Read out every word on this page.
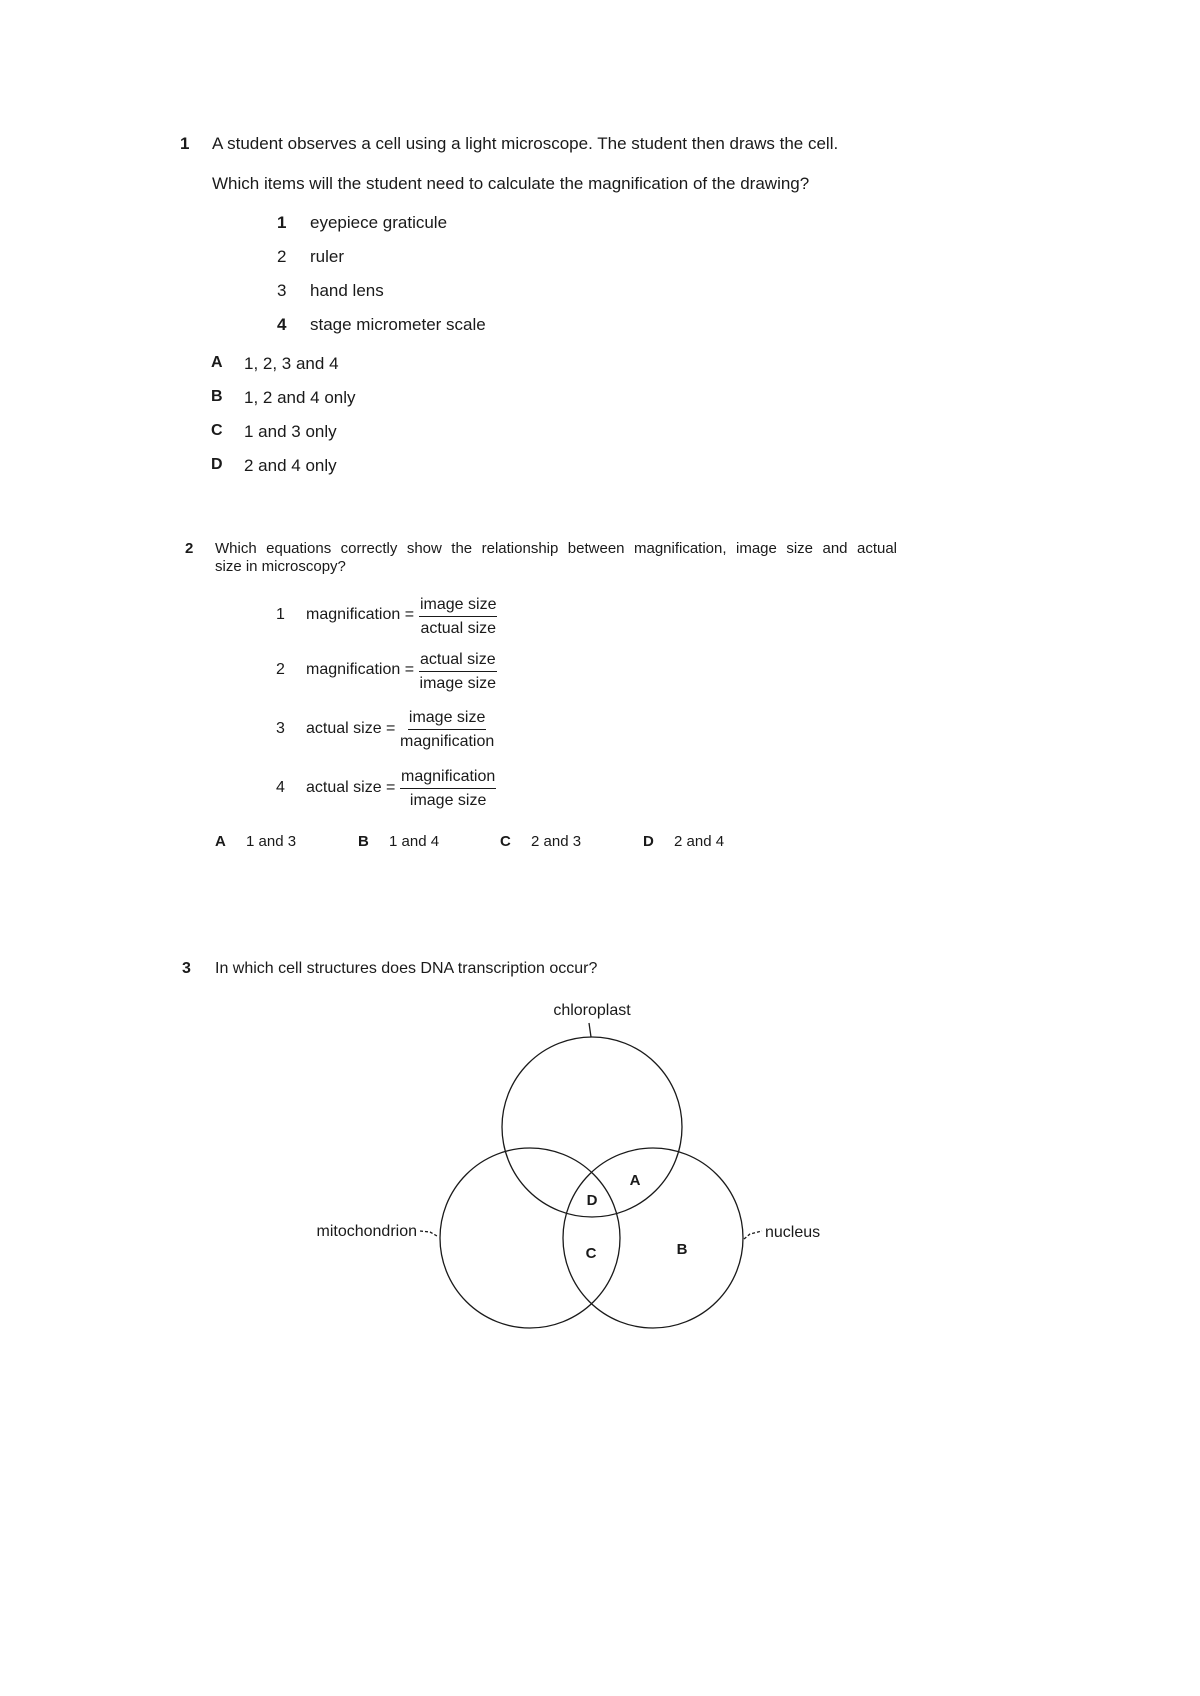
1 A student observes a cell using a light microscope. The student then draws the cell.
Which items will the student need to calculate the magnification of the drawing?
1 eyepiece graticule
2 ruler
3 hand lens
4 stage micrometer scale
A 1, 2, 3 and 4
B 1, 2 and 4 only
C 1 and 3 only
D 2 and 4 only
2 Which equations correctly show the relationship between magnification, image size and actual
size in microscopy?
1 magnification =
image size
actual size
2 magnification =
actual size
image size
3 actual size =
image size
magnification
4 actual size =
magnification
image size
A 1 and 3	B 1 and 4	C 2 and 3	D 2 and 4
3 In which cell structures does DNA transcription occur?
chloroplast
mitochondrion	nucleus
A
B
C
D
